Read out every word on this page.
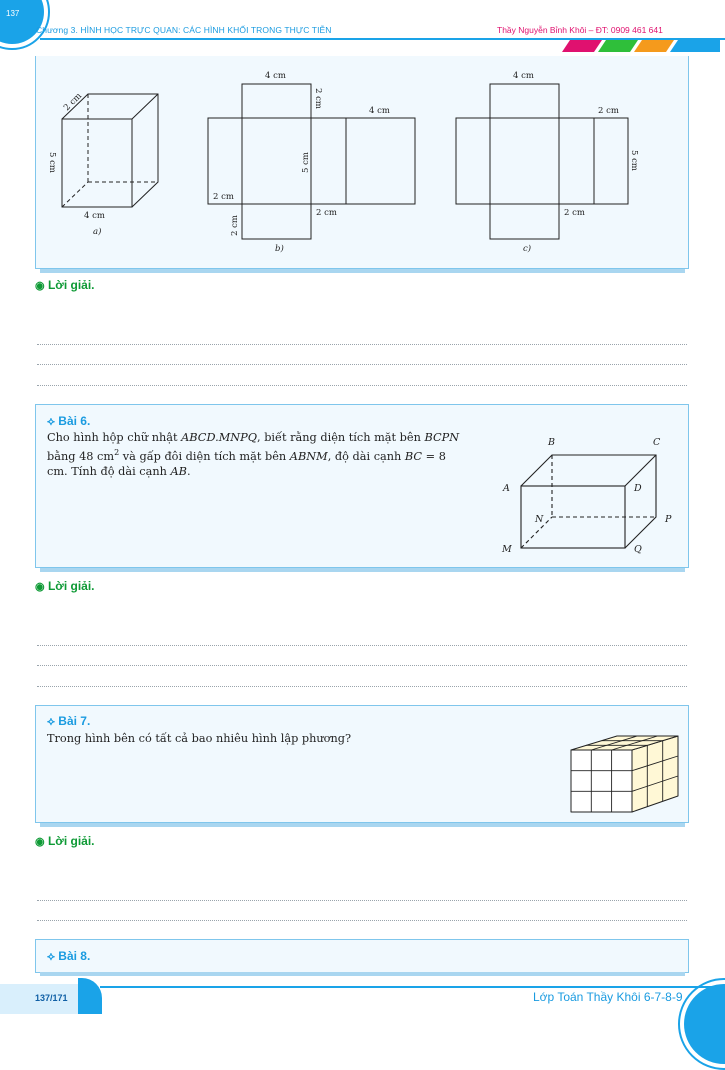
137
Chương 3. HÌNH HỌC TRỰC QUAN: CÁC HÌNH KHỐI TRONG THỰC TIỄN	Thầy Nguyễn Bỉnh Khôi – ĐT: 0909 461 641
2 cm
5 cm
4 cm
a)
4 cm
2 cm
4 cm
5 cm
2 cm
2 cm
2 cm
b)
4 cm
2 cm
5 cm
2 cm
c)
◉ Lời giải.
⟡ Bài 6.
Cho hình hộp chữ nhật ABCD.MNPQ, biết rằng diện tích mặt bên BCPN
bằng 48 $cm^2$ và gấp đôi diện tích mặt bên ABNM, độ dài cạnh BC = 8
cm. Tính độ dài cạnh AB.
B	C
A	D
N	P
M	Q
◉ Lời giải.
⟡ Bài 7.
Trong hình bên có tất cả bao nhiêu hình lập phương?
◉ Lời giải.
⟡ Bài 8.
137/171	Lớp Toán Thầy Khôi 6-7-8-9
